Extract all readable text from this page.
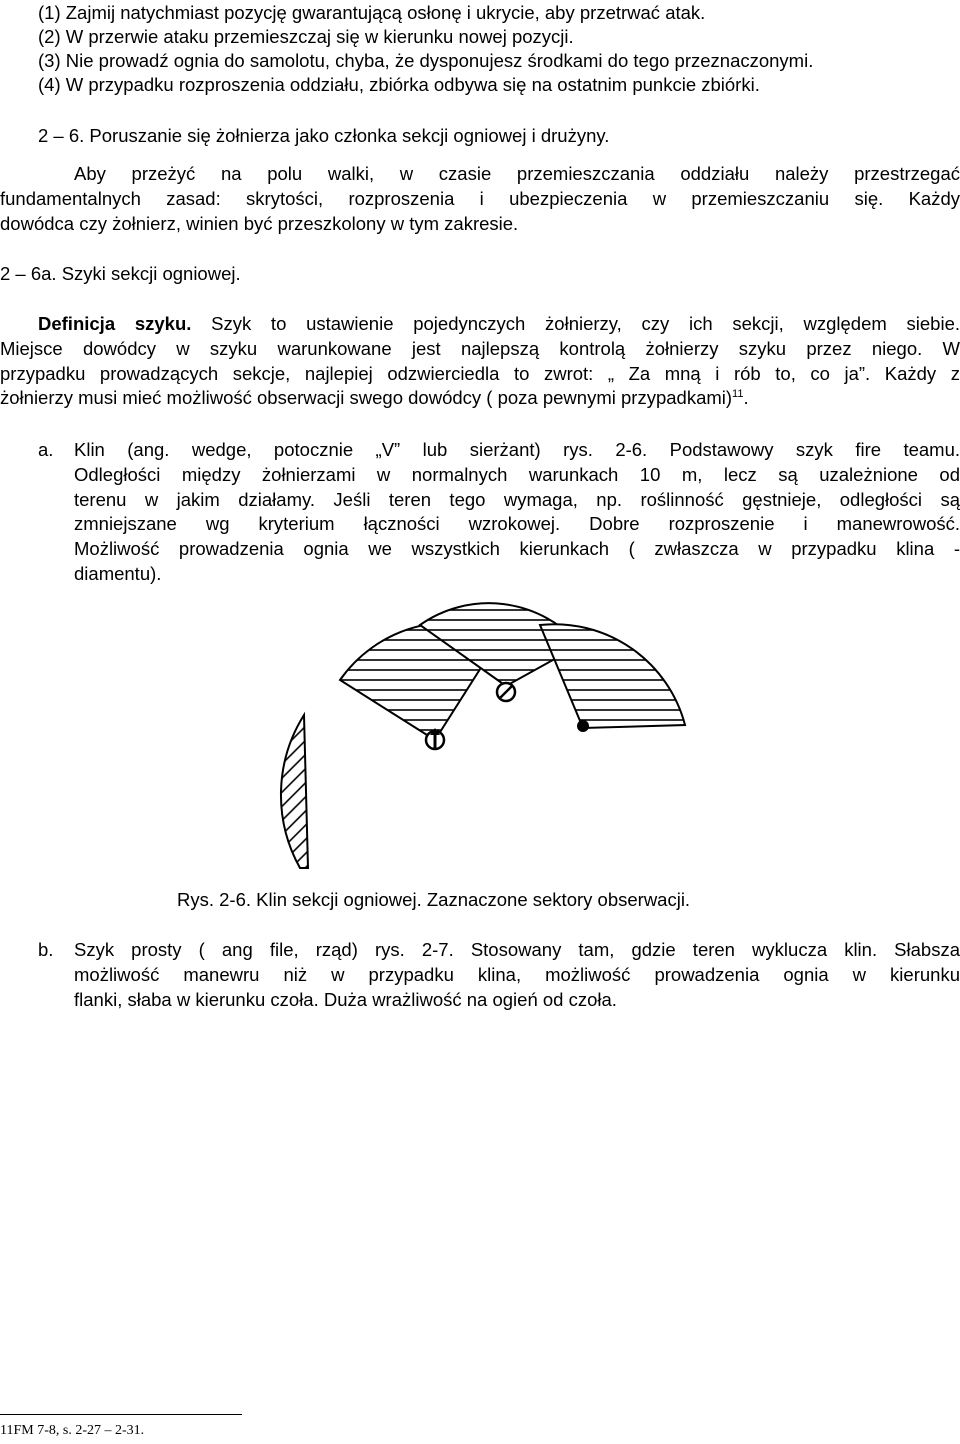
(1) Zajmij natychmiast pozycję gwarantującą osłonę i ukrycie, aby przetrwać atak.
(2) W przerwie ataku przemieszczaj się w kierunku nowej pozycji.
(3) Nie prowadź ognia do samolotu, chyba, że dysponujesz środkami do tego przeznaczonymi.
(4) W przypadku rozproszenia oddziału, zbiórka odbywa się na ostatnim punkcie zbiórki.
2 – 6. Poruszanie się żołnierza jako członka sekcji ogniowej i drużyny.
Aby przeżyć na polu walki, w czasie przemieszczania oddziału należy przestrzegać
fundamentalnych zasad: skrytości, rozproszenia i ubezpieczenia w przemieszczaniu się. Każdy
dowódca czy żołnierz, winien być przeszkolony w tym zakresie.
2 – 6a. Szyki sekcji ogniowej.
Definicja szyku. Szyk to ustawienie pojedynczych żołnierzy, czy ich sekcji, względem siebie.
Miejsce dowódcy w szyku warunkowane jest najlepszą kontrolą żołnierzy szyku przez niego. W
przypadku prowadzących sekcje, najlepiej odzwierciedla to zwrot: „ Za mną i rób to, co ja”. Każdy z
żołnierzy musi mieć możliwość obserwacji swego dowódcy ( poza pewnymi przypadkami)$^{11}$.
a. Klin (ang. wedge, potocznie „V” lub sierżant) rys. 2-6. Podstawowy szyk fire teamu.
Odległości między żołnierzami w normalnych warunkach 10 m, lecz są uzależnione od
terenu w jakim działamy. Jeśli teren tego wymaga, np. roślinność gęstnieje, odległości są
zmniejszane wg kryterium łączności wzrokowej. Dobre rozproszenie i manewrowość.
Możliwość prowadzenia ognia we wszystkich kierunkach ( zwłaszcza w przypadku klina -
diamentu).
Rys. 2-6. Klin sekcji ogniowej. Zaznaczone sektory obserwacji.
b. Szyk prosty ( ang file, rząd) rys. 2-7. Stosowany tam, gdzie teren wyklucza klin. Słabsza
możliwość manewru niż w przypadku klina, możliwość prowadzenia ognia w kierunku
flanki, słaba w kierunku czoła. Duża wrażliwość na ogień od czoła.
11FM 7-8, s. 2-27 – 2-31.
